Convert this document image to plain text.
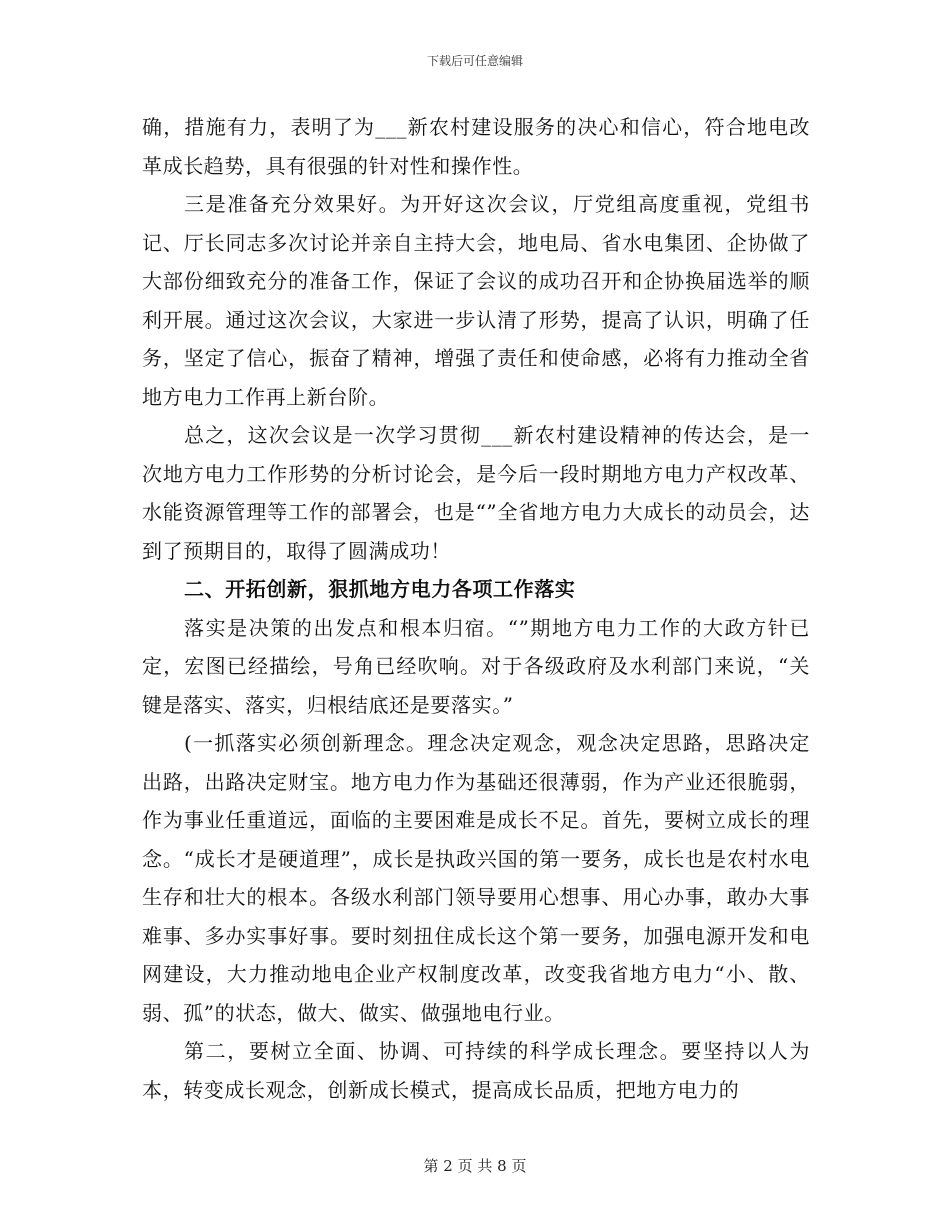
下载后可任意编辑

确，措施有力，表明了为___新农村建设服务的决心和信心，符合地电改革成长趋势，具有很强的针对性和操作性。

三是准备充分效果好。为开好这次会议，厅党组高度重视，党组书记、厅长同志多次讨论并亲自主持大会，地电局、省水电集团、企协做了大部份细致充分的准备工作，保证了会议的成功召开和企协换届选举的顺利开展。通过这次会议，大家进一步认清了形势，提高了认识，明确了任务，坚定了信心，振奋了精神，增强了责任和使命感，必将有力推动全省地方电力工作再上新台阶。

总之，这次会议是一次学习贯彻___新农村建设精神的传达会，是一次地方电力工作形势的分析讨论会，是今后一段时期地方电力产权改革、水能资源管理等工作的部署会，也是“”全省地方电力大成长的动员会，达到了预期目的，取得了圆满成功！

二、开拓创新，狠抓地方电力各项工作落实

落实是决策的出发点和根本归宿。“”期地方电力工作的大政方针已定，宏图已经描绘，号角已经吹响。对于各级政府及水利部门来说，“关键是落实、落实，归根结底还是要落实。”

(一抓落实必须创新理念。理念决定观念，观念决定思路，思路决定出路，出路决定财宝。地方电力作为基础还很薄弱，作为产业还很脆弱，作为事业任重道远，面临的主要困难是成长不足。首先，要树立成长的理念。“成长才是硬道理”，成长是执政兴国的第一要务，成长也是农村水电生存和壮大的根本。各级水利部门领导要用心想事、用心办事，敢办大事难事、多办实事好事。要时刻扭住成长这个第一要务，加强电源开发和电网建设，大力推动地电企业产权制度改革，改变我省地方电力“小、散、弱、孤”的状态，做大、做实、做强地电行业。

第二，要树立全面、协调、可持续的科学成长理念。要坚持以人为本，转变成长观念，创新成长模式，提高成长品质，把地方电力的

第 2 页 共 8 页
